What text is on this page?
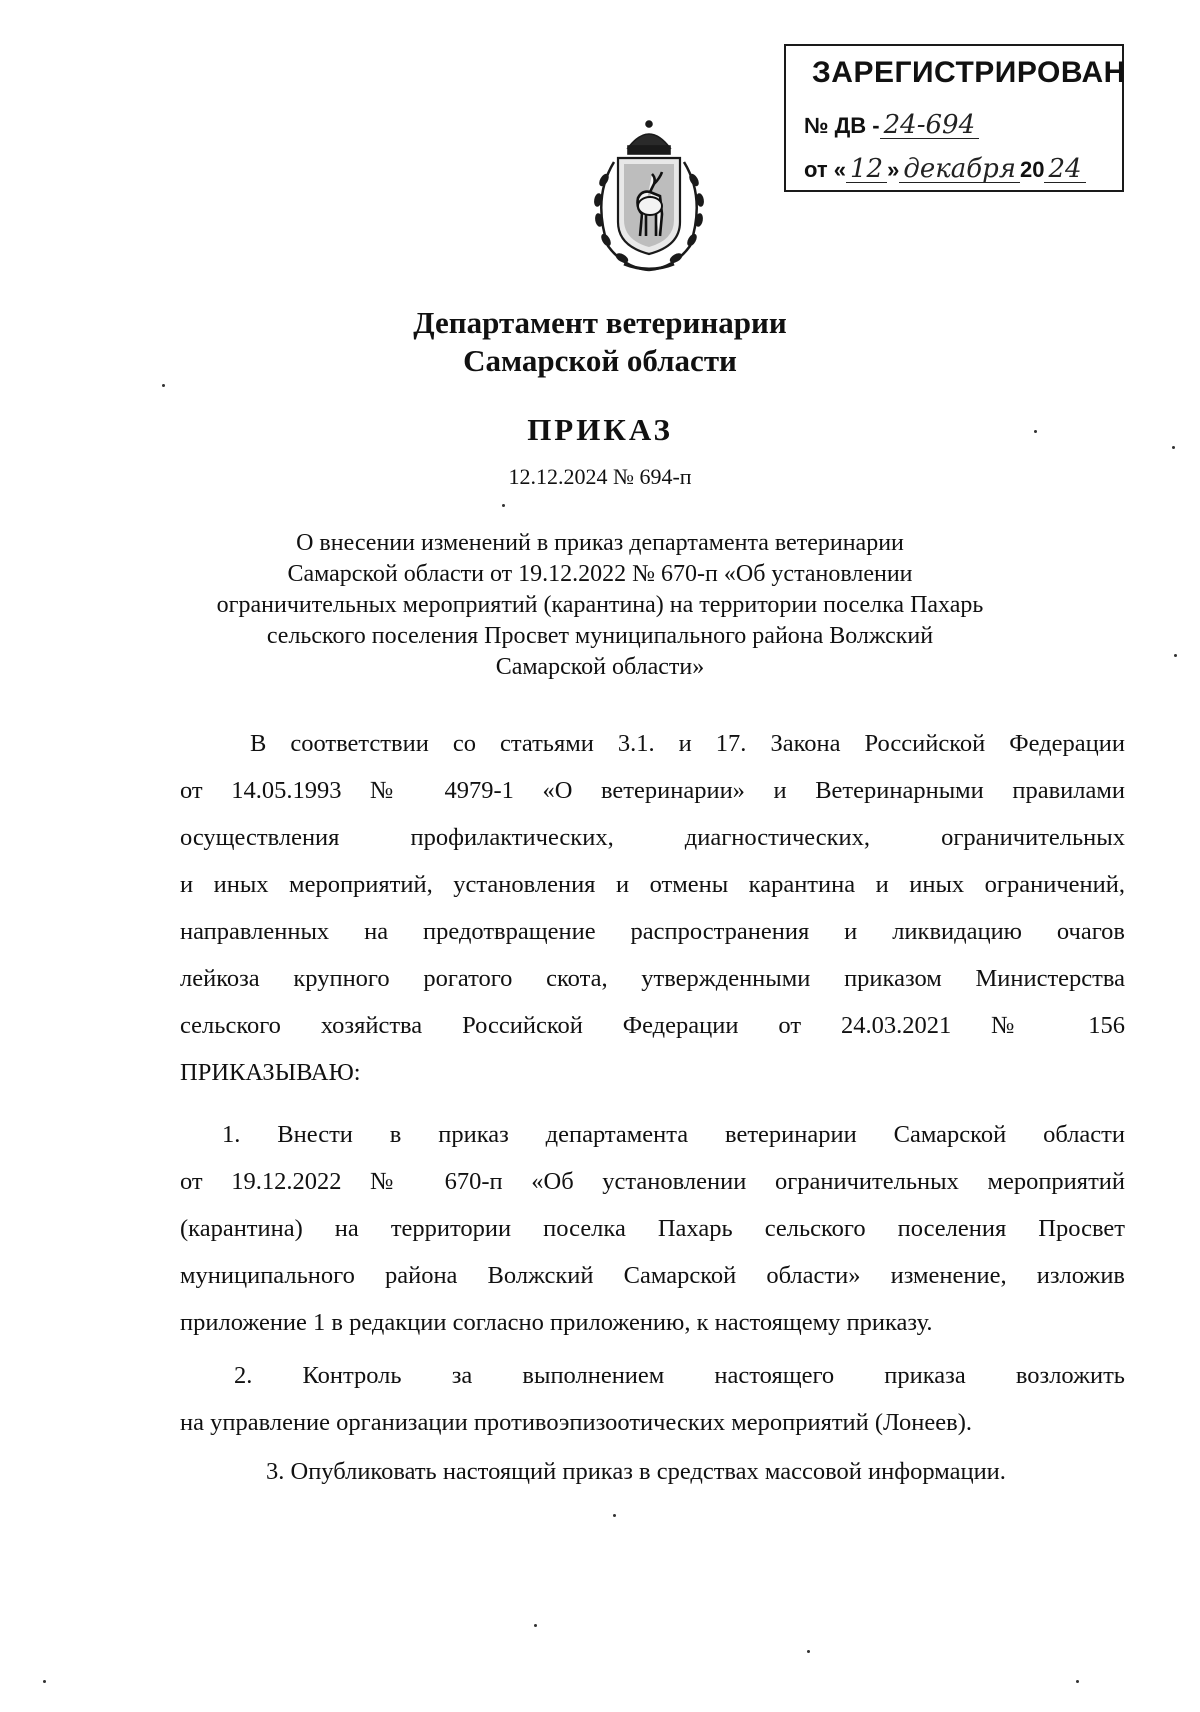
ЗАРЕГИСТРИРОВАН
№ ДВ - 24-694
от « 12 » декабря 20 24
Департамент ветеринарии
Самарской области
ПРИКАЗ
12.12.2024 № 694-п
О внесении изменений в приказ департамента ветеринарии
Самарской области от 19.12.2022 № 670-п «Об установлении
ограничительных мероприятий (карантина) на территории поселка Пахарь
сельского поселения Просвет муниципального района Волжский
Самарской области»
В соответствии со статьями 3.1. и 17. Закона Российской Федерации
от 14.05.1993 № 4979-1 «О ветеринарии» и Ветеринарными правилами
осуществления профилактических, диагностических, ограничительных
и иных мероприятий, установления и отмены карантина и иных ограничений,
направленных на предотвращение распространения и ликвидацию очагов
лейкоза крупного рогатого скота, утвержденными приказом Министерства
сельского хозяйства Российской Федерации от 24.03.2021 № 156
ПРИКАЗЫВАЮ:
1. Внести в приказ департамента ветеринарии Самарской области
от 19.12.2022 № 670-п «Об установлении ограничительных мероприятий
(карантина) на территории поселка Пахарь сельского поселения Просвет
муниципального района Волжский Самарской области» изменение, изложив
приложение 1 в редакции согласно приложению, к настоящему приказу.
2. Контроль за выполнением настоящего приказа возложить
на управление организации противоэпизоотических мероприятий (Лонеев).
3. Опубликовать настоящий приказ в средствах массовой информации.
